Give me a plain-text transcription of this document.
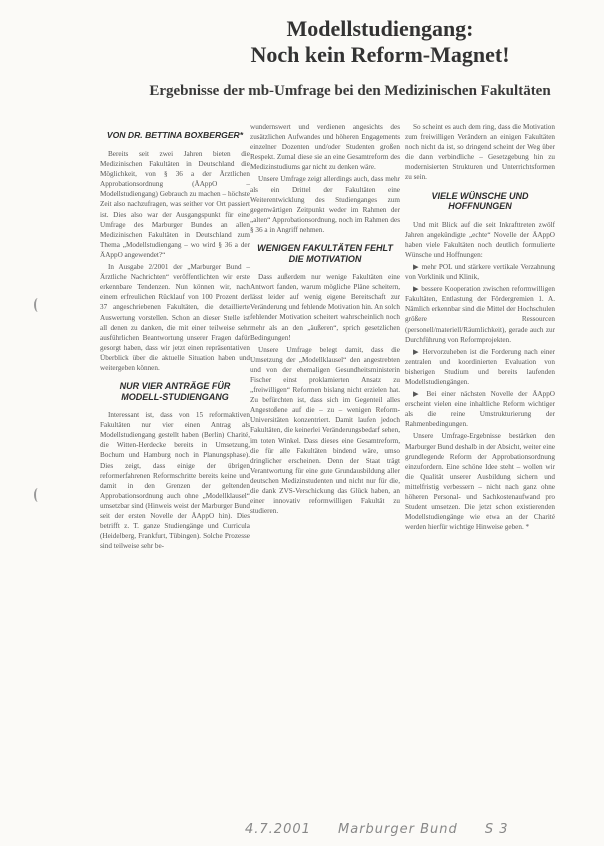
Modellstudiengang:
Noch kein Reform-Magnet!
Ergebnisse der mb-Umfrage bei den Medizinischen Fakultäten
VON DR. BETTINA BOXBERGER*

Bereits seit zwei Jahren bieten die Medizinischen Fakultäten in Deutschland die Möglichkeit, von § 36 a der Ärztlichen Approbationsordnung (ÄAppO – Modellstudiengang) Gebrauch zu machen – höchste Zeit also nachzufragen, was seither vor Ort passiert ist. Dies also war der Ausgangspunkt für eine Umfrage des Marburger Bundes an allen Medizinischen Fakultäten in Deutschland zum Thema „Modellstudiengang – wo wird § 36 a der ÄAppO angewendet?“

In Ausgabe 2/2001 der „Marburger Bund – Ärztliche Nachrichten“ veröffentlichten wir erste erkennbare Tendenzen. Nun können wir, nach einem erfreulichen Rücklauf von 100 Prozent der 37 angeschriebenen Fakultäten, die detaillierte Auswertung vorstellen. Schon an dieser Stelle ist all denen zu danken, die mit einer teilweise sehr ausführlichen Beantwortung unserer Fragen dafür gesorgt haben, dass wir jetzt einen repräsentativen Überblick über die aktuelle Situation haben und weitergeben können.

NUR VIER ANTRÄGE FÜR MODELL-STUDIENGANG

Interessant ist, dass von 15 reformaktiven Fakultäten nur vier einen Antrag als Modellstudiengang gestellt haben (Berlin) Charité, die Witten-Herdecke bereits in Umsetzung, Bochum und Hamburg noch in Planungsphase). Dies zeigt, dass einige der übrigen reformerfahrenen Reformschritte bereits keine und damit in den Grenzen der geltenden Approbationsordnung auch ohne „Modellklausel“ umsetzbar sind (Hinweis weist der Marburger Bund seit der ersten Novelle der ÄAppO hin). Dies betrifft z. T. ganze Studiengänge und Curricula (Heidelberg, Frankfurt, Tübingen). Solche Prozesse sind teilweise sehr be-

wundernswert und verdienen angesichts des zusätzlichen Aufwandes und höheren Engagements einzelner Dozenten und/oder Studenten großen Respekt. Zumal diese sie an eine Gesamtreform des Medizinstudiums gar nicht zu denken wäre.

Unsere Umfrage zeigt allerdings auch, dass mehr als ein Drittel der Fakultäten eine Weiterentwicklung des Studienganges zum gegenwärtigen Zeitpunkt weder im Rahmen der „alten“ Approbationsordnung, noch im Rahmen des § 36 a in Angriff nehmen.

WENIGEN FAKULTÄTEN FEHLT DIE MOTIVATION

Dass außerdem nur wenige Fakultäten eine Antwort fanden, warum mögliche Pläne scheitern, lässt leider auf wenig eigene Bereitschaft zur Veränderung und fehlende Motivation hin. An solch fehlender Motivation scheitert wahrscheinlich noch mehr als an den „äußeren“, sprich gesetzlichen Bedingungen!

Unsere Umfrage belegt damit, dass die Umsetzung der „Modellklausel“ den angestrebten und von der ehemaligen Gesundheitsministerin Fischer einst proklamierten Ansatz zu „freiwilligen“ Reformen bislang nicht erzielen hat. Zu befürchten ist, dass sich im Gegenteil alles Angestoßene auf die – zu – wenigen Reform-Universitäten konzentriert. Damit laufen jedoch Fakultäten, die keinerlei Veränderungsbedarf sehen, im toten Winkel. Dass dieses eine Gesamtreform, die für alle Fakultäten bindend wäre, umso dringlicher erscheinen. Denn der Staat trägt Verantwortung für eine gute Grundausbildung aller deutschen Medizinstudenten und nicht nur für die, die dank ZVS-Verschickung das Glück haben, an einer innovativ reformwilligen Fakultät zu studieren.

So scheint es auch dem ring, dass die Motivation zum freiwilligen Verändern an einigen Fakultäten noch nicht da ist, so dringend scheint der Weg über die dann verbindliche – Gesetzgebung hin zu modernisierten Strukturen und Unterrichtsformen zu sein.

VIELE WÜNSCHE UND HOFFNUNGEN

Und mit Blick auf die seit Inkrafttreten zwölf Jahren angekündigte „echte“ Novelle der ÄAppO haben viele Fakultäten noch deutlich formulierte Wünsche und Hoffnungen:

▶ mehr POL und stärkere vertikale Verzahnung von Vorklinik und Klinik,

▶ bessere Kooperation zwischen reformwilligen Fakultäten, Entlastung der Fördergremien 1. A. Nämlich erkennbar sind die Mittel der Hochschulen größere Ressourcen (personell/materiell/Räumlichkeit), gerade auch zur Durchführung von Reformprojekten.

▶ Hervorzuheben ist die Forderung nach einer zentralen und koordinierten Evaluation von bisherigen Studium und bereits laufenden Modellstudiengängen.

▶ Bei einer nächsten Novelle der ÄAppO erscheint vielen eine inhaltliche Reform wichtiger als die reine Umstrukturierung der Rahmenbedingungen.

Unsere Umfrage-Ergebnisse bestärken den Marburger Bund deshalb in der Absicht, weiter eine grundlegende Reform der Approbationsordnung einzufordern. Eine schöne Idee steht – wollen wir die Qualität unserer Ausbildung sichern und mittelfristig verbessern – nicht nach ganz ohne höheren Personal- und Sachkostenaufwand pro Student umsetzen. Die jetzt schon existierenden Modellstudiengänge wie etwa an der Charité werden hierfür wichtige Hinweise geben. *

4.7.2001 Marburger Bund S 3
